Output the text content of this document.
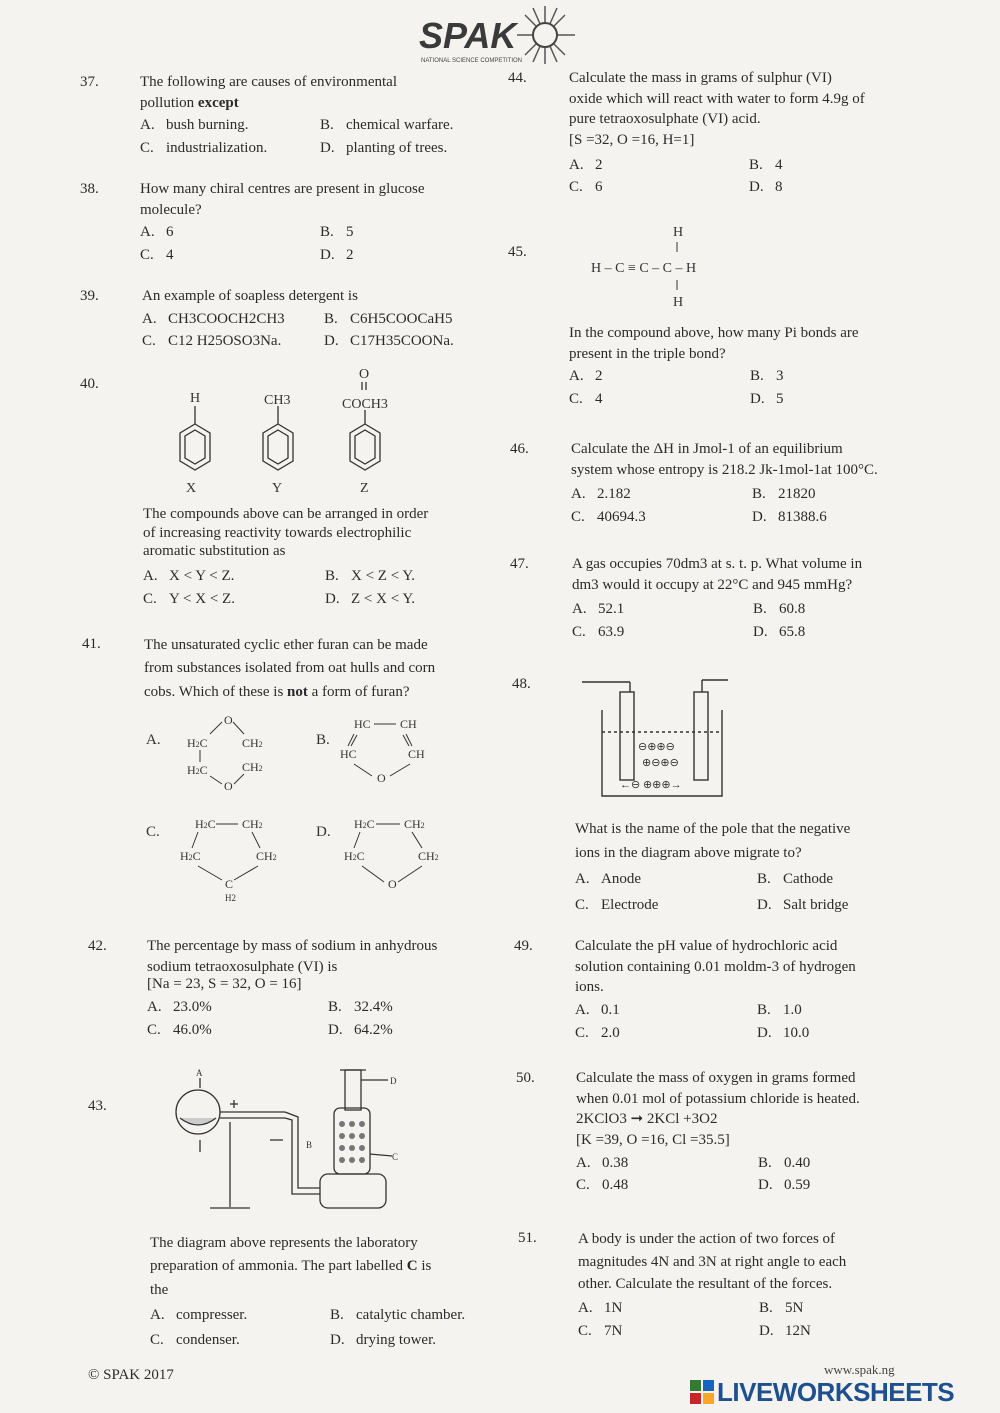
SPAK
NATIONAL SCIENCE COMPETITION
37.	The following are causes of environmental
pollution except
A. bush burning.	B. chemical warfare.
C. industrialization.	D. planting of trees.
38.	How many chiral centres are present in glucose
molecule?
A. 6	B. 5
C. 4	D. 2
39.	An example of soapless detergent is
A. CH3COOCH2CH3	B. C6H5COOCaH5
C. C12 H25OSO3Na.	D. C17H35COONa.
40.
H	CH3
O
COCH3
X	Y	Z
The compounds above can be arranged in order
of increasing reactivity towards electrophilic
aromatic substitution as
A. X < Y < Z.	B. X < Z < Y.
C. Y < X < Z.	D. Z < X < Y.
41.	The unsaturated cyclic ether furan can be made
from substances isolated from oat hulls and corn
cobs. Which of these is not a form of furan?
A.
O
H2C	CH2
H2C	CH2
O
B.
HC CH
HC	CH
O
C.	H2C CH2
H2C	CH2
C
H2
D. H2C CH2
H2C	CH2
O
42.	The percentage by mass of sodium in anhydrous
sodium tetraoxosulphate (VI) is
[Na = 23, S = 32, O = 16]
A. 23.0%	B. 32.4%
C. 46.0%	D. 64.2%
43.
A
B
C
D
The diagram above represents the laboratory
preparation of ammonia. The part labelled C is
the
A. compresser.	B. catalytic chamber.
C. condenser.	D. drying tower.
44.	Calculate the mass in grams of sulphur (VI)
oxide which will react with water to form 4.9g of
pure tetraoxosulphate (VI) acid.
[S =32, O =16, H=1]
A. 2	B. 4
C. 6	D. 8
45.
H
H – C ≡ C – C – H
H
In the compound above, how many Pi bonds are
present in the triple bond?
A. 2	B. 3
C. 4	D. 5
46.	Calculate the ΔH in Jmol-1 of an equilibrium
system whose entropy is 218.2 Jk-1mol-1at 100°C.
A. 2.182	B. 21820
C. 40694.3	D. 81388.6
47.	A gas occupies 70dm3 at s. t. p. What volume in
dm3 would it occupy at 22°C and 945 mmHg?
A. 52.1	B. 60.8
C. 63.9	D. 65.8
48.
⊖⊕⊕⊖
⊕⊖⊕⊖
←⊖ ⊕⊕⊕→
What is the name of the pole that the negative
ions in the diagram above migrate to?
A. Anode	B. Cathode
C. Electrode	D. Salt bridge
49.	Calculate the pH value of hydrochloric acid
solution containing 0.01 moldm-3 of hydrogen
ions.
A. 0.1	B. 1.0
C. 2.0	D. 10.0
50.	Calculate the mass of oxygen in grams formed
when 0.01 mol of potassium chloride is heated.
2KClO3 ➞ 2KCl +3O2
[K =39, O =16, Cl =35.5]
A. 0.38	B. 0.40
C. 0.48	D. 0.59
51.	A body is under the action of two forces of
magnitudes 4N and 3N at right angle to each
other. Calculate the resultant of the forces.
A. 1N	B. 5N
C. 7N	D. 12N
© SPAK 2017	www.spak.ng
LIVEWORKSHEETS
